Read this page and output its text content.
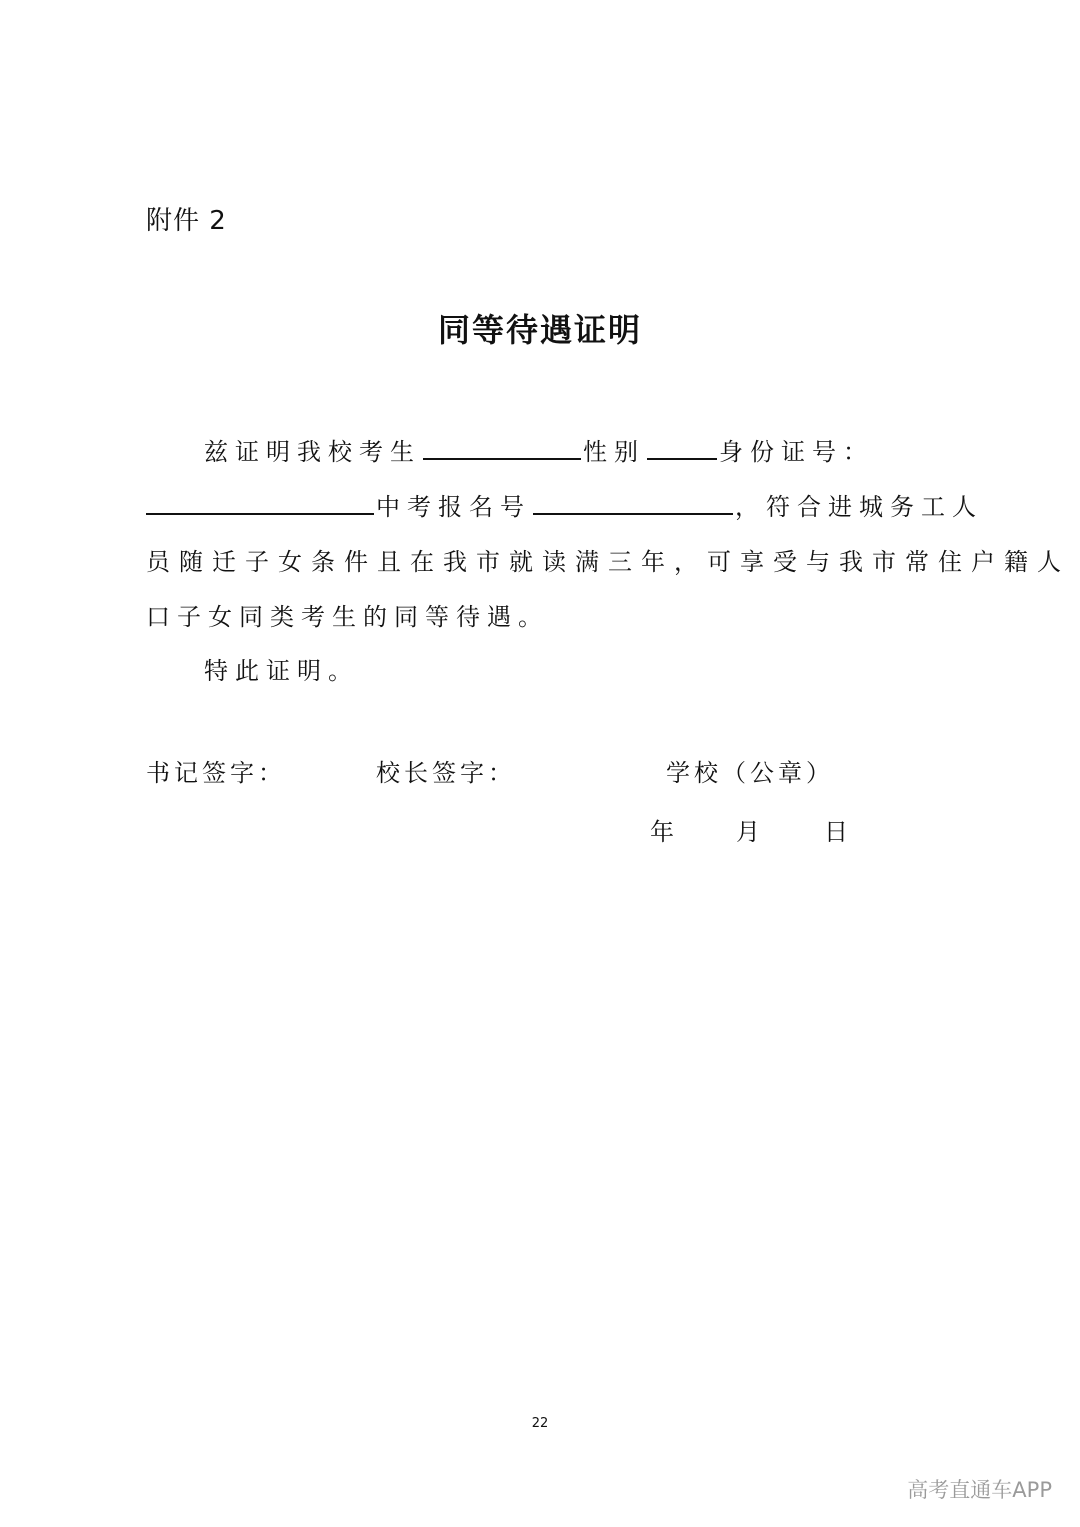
附件 2
同等待遇证明
兹证明我校考生	性别	身份证号：
中考报名号	，符合进城务工人
员随迁子女条件且在我市就读满三年，可享受与我市常住户籍人
口子女同类考生的同等待遇。
特此证明。
书记签字：	校长签字：	学校（公章）
年	月	日
22
高考直通车APP
